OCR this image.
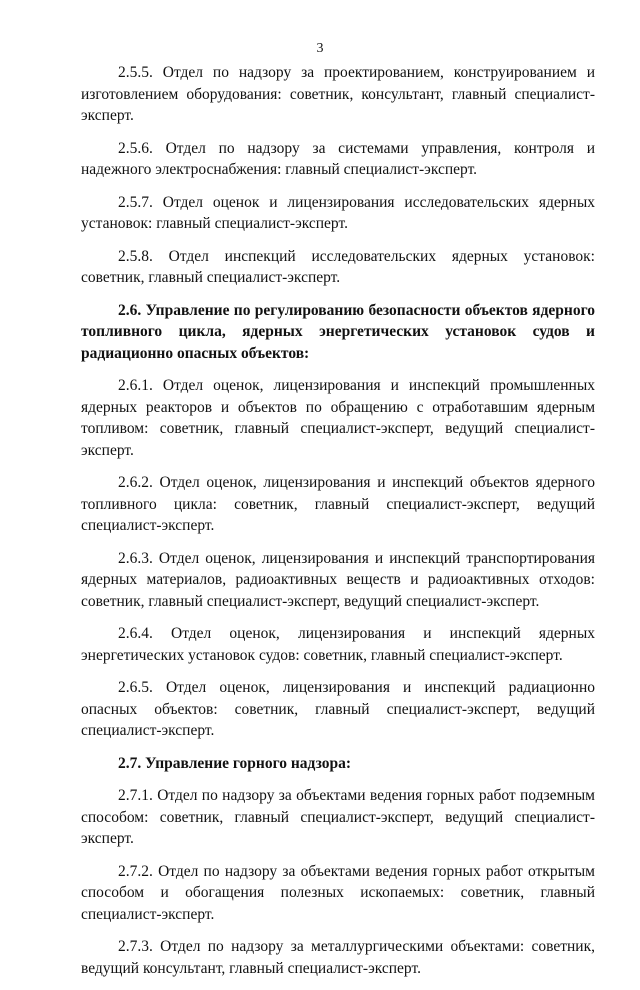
3

2.5.5. Отдел по надзору за проектированием, конструированием и изготовлением оборудования: советник, консультант, главный специалист-эксперт.

2.5.6. Отдел по надзору за системами управления, контроля и надежного электроснабжения: главный специалист-эксперт.

2.5.7. Отдел оценок и лицензирования исследовательских ядерных установок: главный специалист-эксперт.

2.5.8. Отдел инспекций исследовательских ядерных установок: советник, главный специалист-эксперт.

2.6. Управление по регулированию безопасности объектов ядерного топливного цикла, ядерных энергетических установок судов и радиационно опасных объектов:

2.6.1. Отдел оценок, лицензирования и инспекций промышленных ядерных реакторов и объектов по обращению с отработавшим ядерным топливом: советник, главный специалист-эксперт, ведущий специалист-эксперт.

2.6.2. Отдел оценок, лицензирования и инспекций объектов ядерного топливного цикла: советник, главный специалист-эксперт, ведущий специалист-эксперт.

2.6.3. Отдел оценок, лицензирования и инспекций транспортирования ядерных материалов, радиоактивных веществ и радиоактивных отходов: советник, главный специалист-эксперт, ведущий специалист-эксперт.

2.6.4. Отдел оценок, лицензирования и инспекций ядерных энергетических установок судов: советник, главный специалист-эксперт.

2.6.5. Отдел оценок, лицензирования и инспекций радиационно опасных объектов: советник, главный специалист-эксперт, ведущий специалист-эксперт.

2.7. Управление горного надзора:

2.7.1. Отдел по надзору за объектами ведения горных работ подземным способом: советник, главный специалист-эксперт, ведущий специалист-эксперт.

2.7.2. Отдел по надзору за объектами ведения горных работ открытым способом и обогащения полезных ископаемых: советник, главный специалист-эксперт.

2.7.3. Отдел по надзору за металлургическими объектами: советник, ведущий консультант, главный специалист-эксперт.
